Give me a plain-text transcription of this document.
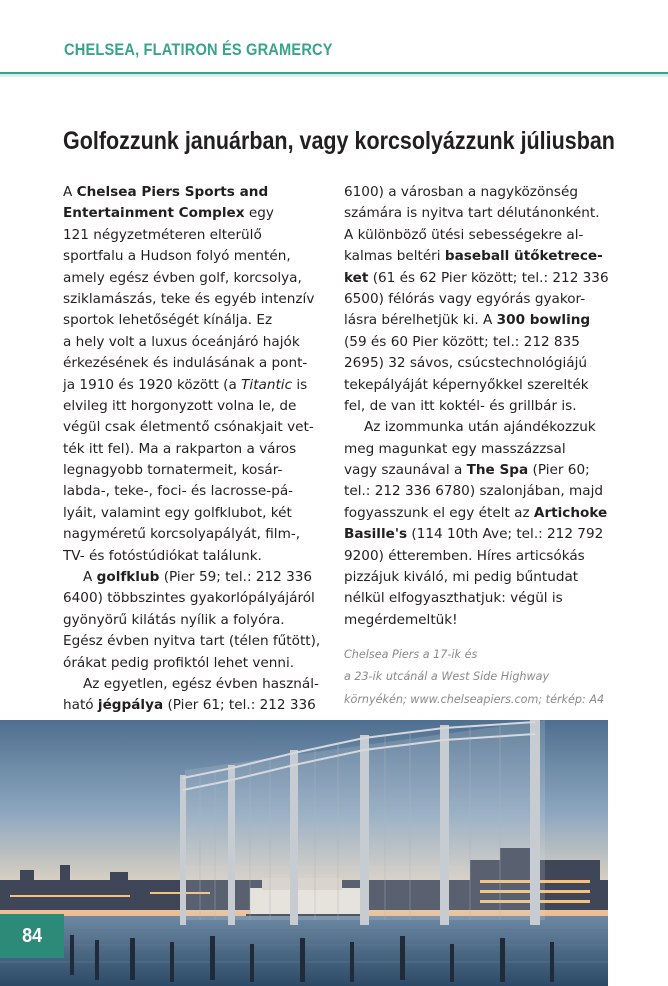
CHELSEA, FLATIRON ÉS GRAMERCY
Golfozzunk januárban, vagy korcsolyázzunk júliusban
A Chelsea Piers Sports and
Entertainment Complex egy
121 négyzetméteren elterülő
sportfalu a Hudson folyó mentén,
amely egész évben golf, korcsolya,
sziklamászás, teke és egyéb intenzív
sportok lehetőségét kínálja. Ez
a hely volt a luxus óceánjáró hajók
érkezésének és indulásának a pont-
ja 1910 és 1920 között (a Titantic is
elvileg itt horgonyzott volna le, de
végül csak életmentő csónakjait vet-
ték itt fel). Ma a rakparton a város
legnagyobb tornatermeit, kosár-
labda-, teke-, foci- és lacrosse-pá-
lyáit, valamint egy golfklubot, két
nagyméretű korcsolyapályát, film-,
TV- és fotóstúdiókat találunk.
A golfklub (Pier 59; tel.: 212 336
6400) többszintes gyakorlópályájáról
gyönyörű kilátás nyílik a folyóra.
Egész évben nyitva tart (télen fűtött),
órákat pedig profiktól lehet venni.
Az egyetlen, egész évben használ-
ható jégpálya (Pier 61; tel.: 212 336
6100) a városban a nagyközönség
számára is nyitva tart délutánonként.
A különböző ütési sebességekre al-
kalmas beltéri baseball ütőketrece-
ket (61 és 62 Pier között; tel.: 212 336
6500) félórás vagy egyórás gyakor-
lásra bérelhetjük ki. A 300 bowling
(59 és 60 Pier között; tel.: 212 835
2695) 32 sávos, csúcstechnológiájú
tekepályáját képernyőkkel szerelték
fel, de van itt koktél- és grillbár is.
Az izommunka után ajándékozzuk
meg magunkat egy masszázzsal
vagy szaunával a The Spa (Pier 60;
tel.: 212 336 6780) szalonjában, majd
fogyasszunk el egy ételt az Artichoke
Basille's (114 10th Ave; tel.: 212 792
9200) étteremben. Híres articsókás
pizzájuk kiváló, mi pedig bűntudat
nélkül elfogyaszthatjuk: végül is
megérdemeltük!
Chelsea Piers a 17-ik és
a 23-ik utcánál a West Side Highway
környékén; www.chelseapiers.com; térkép: A4
84
